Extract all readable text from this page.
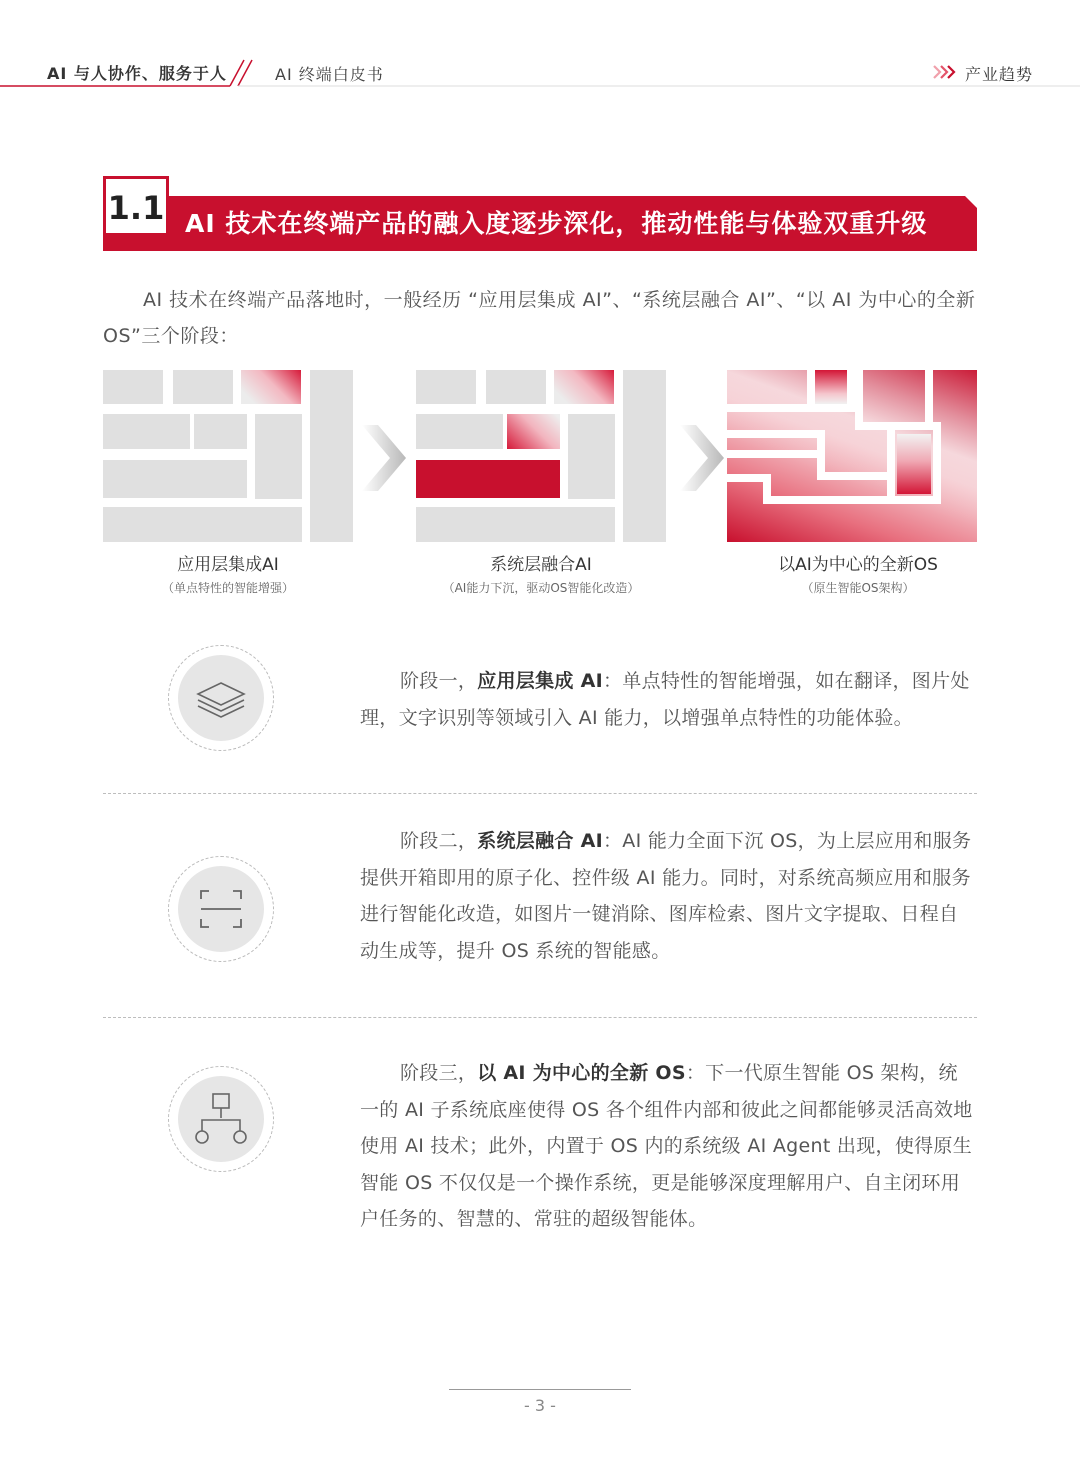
AI 与人协作、服务于人	AI 终端白皮书	产业趋势
1.1 AI 技术在终端产品的融入度逐步深化，推动性能与体验双重升级
AI 技术在终端产品落地时，一般经历 “应用层集成 AI”、“系统层融合 AI”、“以 AI 为中心的全新 OS”三个阶段：
应用层集成AI
（单点特性的智能增强）
系统层融合AI
（AI能力下沉，驱动OS智能化改造）
以AI为中心的全新OS
（原生智能OS架构）
阶段一，应用层集成 AI：单点特性的智能增强，如在翻译，图片处理，文字识别等领域引入 AI 能力，以增强单点特性的功能体验。
阶段二，系统层融合 AI：AI 能力全面下沉 OS，为上层应用和服务提供开箱即用的原子化、控件级 AI 能力。同时，对系统高频应用和服务进行智能化改造，如图片一键消除、图库检索、图片文字提取、日程自动生成等，提升 OS 系统的智能感。
阶段三，以 AI 为中心的全新 OS：下一代原生智能 OS 架构，统一的 AI 子系统底座使得 OS 各个组件内部和彼此之间都能够灵活高效地使用 AI 技术；此外，内置于 OS 内的系统级 AI Agent 出现，使得原生智能 OS 不仅仅是一个操作系统，更是能够深度理解用户、自主闭环用户任务的、智慧的、常驻的超级智能体。
- 3 -
